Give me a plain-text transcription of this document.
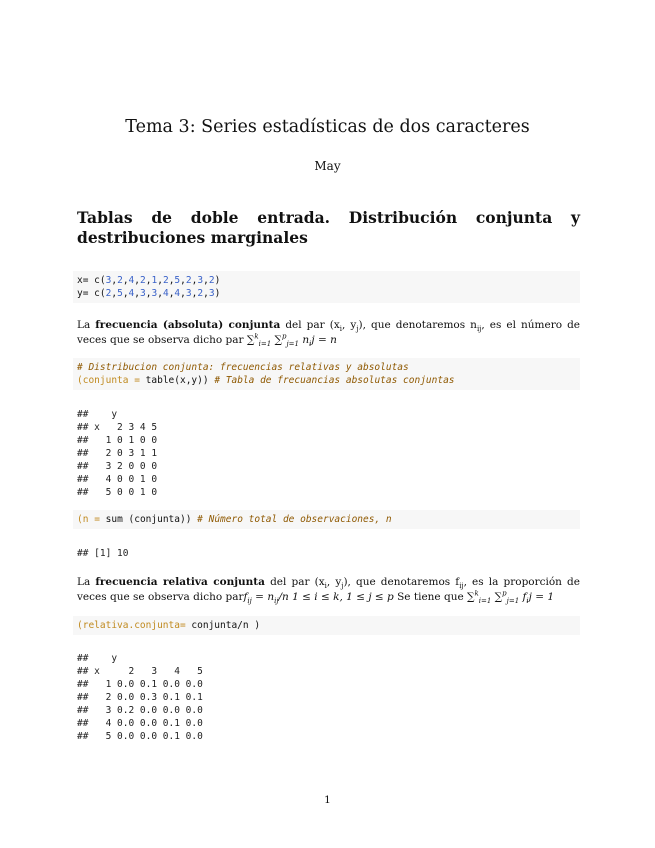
Tema 3: Series estadísticas de dos caracteres
May
Tablas de doble entrada. Distribución conjunta y destribuciones marginales
x= c(3,2,4,2,1,2,5,2,3,2)
y= c(2,5,4,3,3,4,4,3,2,3)
La frecuencia (absoluta) conjunta del par ($x_i$, $y_j$), que denotaremos $n_{ij}$, es el número de veces que se observa dicho par ∑$^k_{i=1}$ ∑$^p_{j=1}$ $n_ij = n$
# Distribucion conjunta: frecuencias relativas y absolutas
(conjunta = table(x,y)) # Tabla de frecuancias absolutas conjuntas
##    y
## x   2 3 4 5
##   1 0 1 0 0
##   2 0 3 1 1
##   3 2 0 0 0
##   4 0 0 1 0
##   5 0 0 1 0
(n = sum (conjunta)) # Número total de observaciones, n
## [1] 10
La frecuencia relativa conjunta del par ($x_i$, $y_j$), que denotaremos $f_{ij}$, es la proporción de veces que se observa dicho parf$_{ij}$ = $n_{ij}/n$ 1 ≤ i ≤ k, 1 ≤ j ≤ p Se tiene que ∑$^k_{i=1}$ ∑$^p_{j=1}$ $f_ij = 1$
(relativa.conjunta= conjunta/n )
##    y
## x     2   3   4   5
##   1 0.0 0.1 0.0 0.0
##   2 0.0 0.3 0.1 0.1
##   3 0.2 0.0 0.0 0.0
##   4 0.0 0.0 0.1 0.0
##   5 0.0 0.0 0.1 0.0
1
